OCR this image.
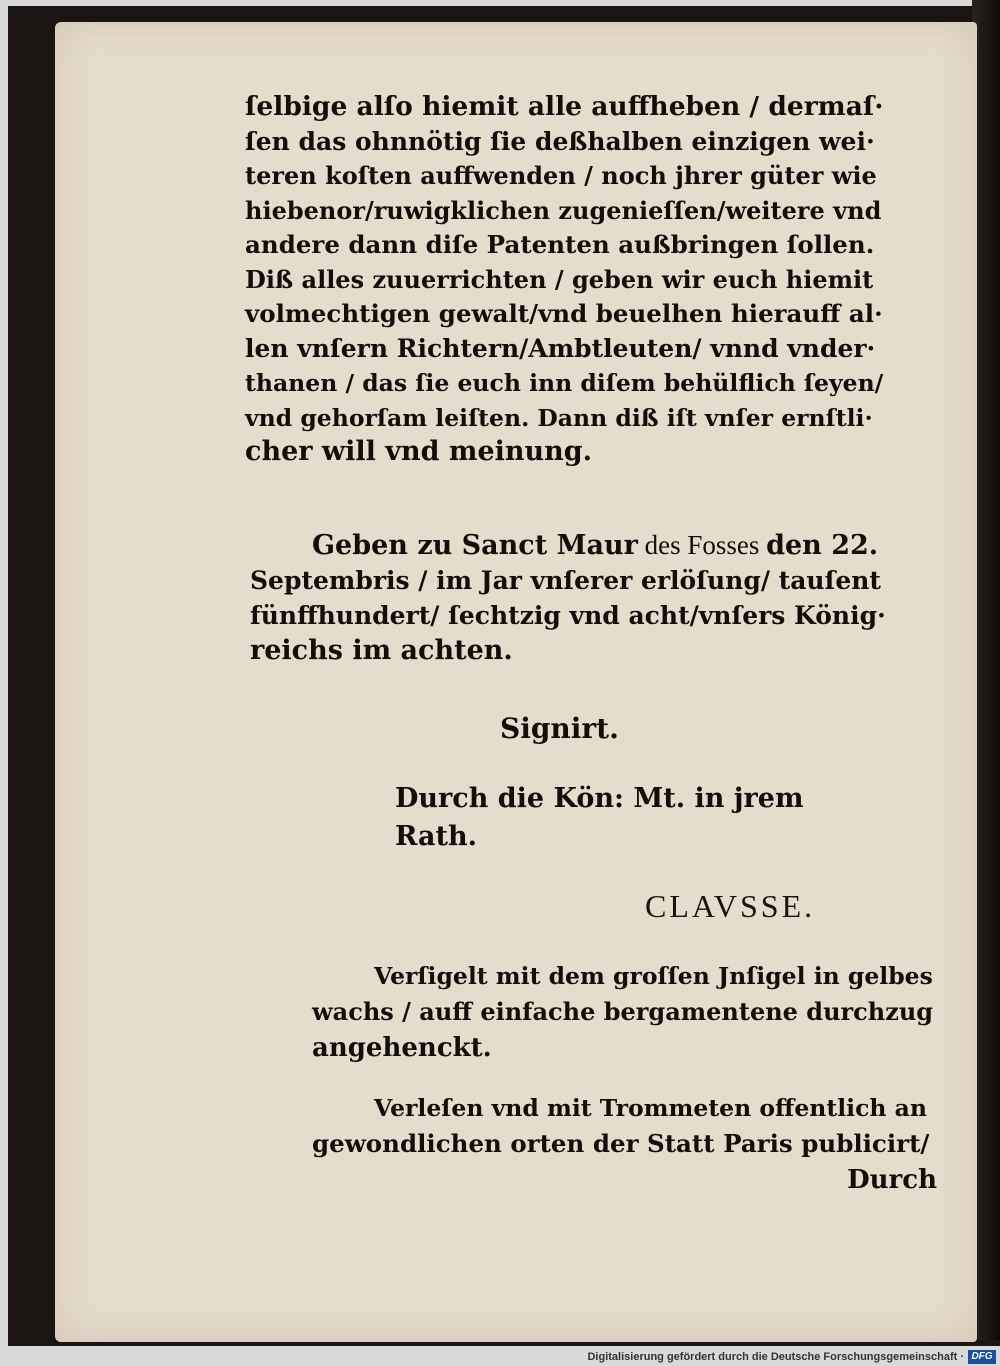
ſelbige alſo hiemit alle auffheben / dermaſ·
ſen das ohnnötig ſie deßhalben einzigen wei·
teren koſten auffwenden / noch jhrer güter wie
hiebenor/ruwigklichen zugenieſſen/weitere vnd
andere dann diſe Patenten außbringen ſollen.
Diß alles zuuerrichten / geben wir euch hiemit
volmechtigen gewalt/vnd beuelhen hierauff al·
len vnſern Richtern/Ambtleuten/ vnnd vnder·
thanen / das ſie euch inn diſem behülflich ſeyen/
vnd gehorſam leiſten. Dann diß iſt vnſer ernſtli·
cher will vnd meinung.
Geben zu Sanct Maur des Fosses den 22.
Septembris / im Jar vnſerer erlöſung/ tauſent
fünffhundert/ ſechtzig vnd acht/vnſers König·
reichs im achten.
Signirt.
Durch die Kön: Mt. in jrem
Rath.
CLAVSSE.
Verſigelt mit dem groſſen Jnſigel in gelbes
wachs / auff einfache bergamentene durchzug
angehenckt.
Verleſen vnd mit Trommeten offentlich an
gewondlichen orten der Statt Paris publicirt/
Durch
Digitalisierung gefördert durch die Deutsche Forschungsgemeinschaft · DFG
